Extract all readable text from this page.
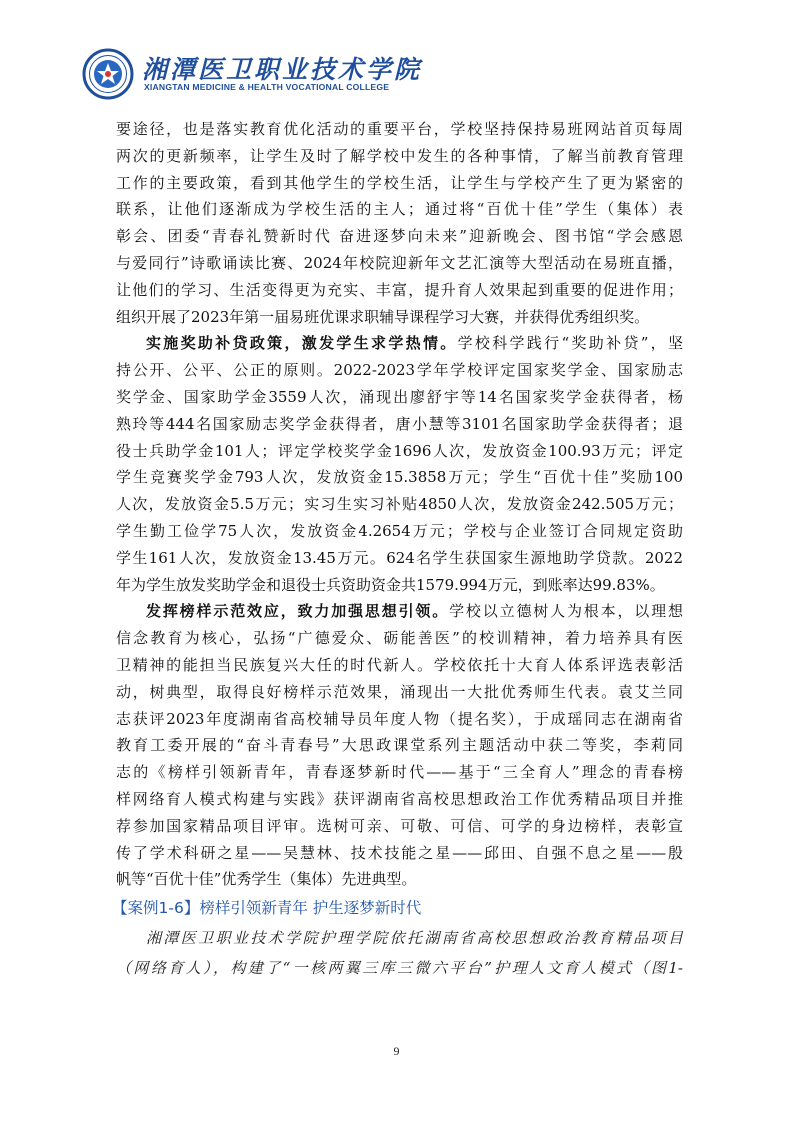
湘潭医卫职业技术学院
XIANGTAN MEDICINE & HEALTH VOCATIONAL COLLEGE
要途径，也是落实教育优化活动的重要平台，学校坚持保持易班网站首页每周
两次的更新频率，让学生及时了解学校中发生的各种事情，了解当前教育管理
工作的主要政策，看到其他学生的学校生活，让学生与学校产生了更为紧密的
联系，让他们逐渐成为学校生活的主人；通过将“百优十佳”学生（集体）表
彰会、团委“青春礼赞新时代 奋进逐梦向未来”迎新晚会、图书馆“学会感恩
与爱同行”诗歌诵读比赛、2024年校院迎新年文艺汇演等大型活动在易班直播，
让他们的学习、生活变得更为充实、丰富，提升育人效果起到重要的促进作用；
组织开展了2023年第一届易班优课求职辅导课程学习大赛，并获得优秀组织奖。
实施奖助补贷政策，激发学生求学热情。学校科学践行“奖助补贷”，坚
持公开、公平、公正的原则。2022-2023学年学校评定国家奖学金、国家励志
奖学金、国家助学金3559人次，涌现出廖舒宇等14名国家奖学金获得者，杨
熟玲等444名国家励志奖学金获得者，唐小慧等3101名国家助学金获得者；退
役士兵助学金101人；评定学校奖学金1696人次，发放资金100.93万元；评定
学生竞赛奖学金793人次，发放资金15.3858万元；学生“百优十佳”奖励100
人次，发放资金5.5万元；实习生实习补贴4850人次，发放资金242.505万元；
学生勤工俭学75人次，发放资金4.2654万元；学校与企业签订合同规定资助
学生161人次，发放资金13.45万元。624名学生获国家生源地助学贷款。2022
年为学生放发奖助学金和退役士兵资助资金共1579.994万元，到账率达99.83%。
发挥榜样示范效应，致力加强思想引领。学校以立德树人为根本，以理想
信念教育为核心，弘扬“广德爱众、砺能善医”的校训精神，着力培养具有医
卫精神的能担当民族复兴大任的时代新人。学校依托十大育人体系评选表彰活
动，树典型，取得良好榜样示范效果，涌现出一大批优秀师生代表。袁艾兰同
志获评2023年度湖南省高校辅导员年度人物（提名奖），于成瑶同志在湖南省
教育工委开展的“奋斗青春号”大思政课堂系列主题活动中获二等奖，李莉同
志的《榜样引领新青年，青春逐梦新时代——基于“三全育人”理念的青春榜
样网络育人模式构建与实践》获评湖南省高校思想政治工作优秀精品项目并推
荐参加国家精品项目评审。选树可亲、可敬、可信、可学的身边榜样，表彰宣
传了学术科研之星——吴慧林、技术技能之星——邱田、自强不息之星——殷
帆等“百优十佳”优秀学生（集体）先进典型。
【案例1-6】榜样引领新青年 护生逐梦新时代
湘潭医卫职业技术学院护理学院依托湖南省高校思想政治教育精品项目
（网络育人），构建了“一核两翼三库三微六平台”护理人文育人模式（图1-
9
